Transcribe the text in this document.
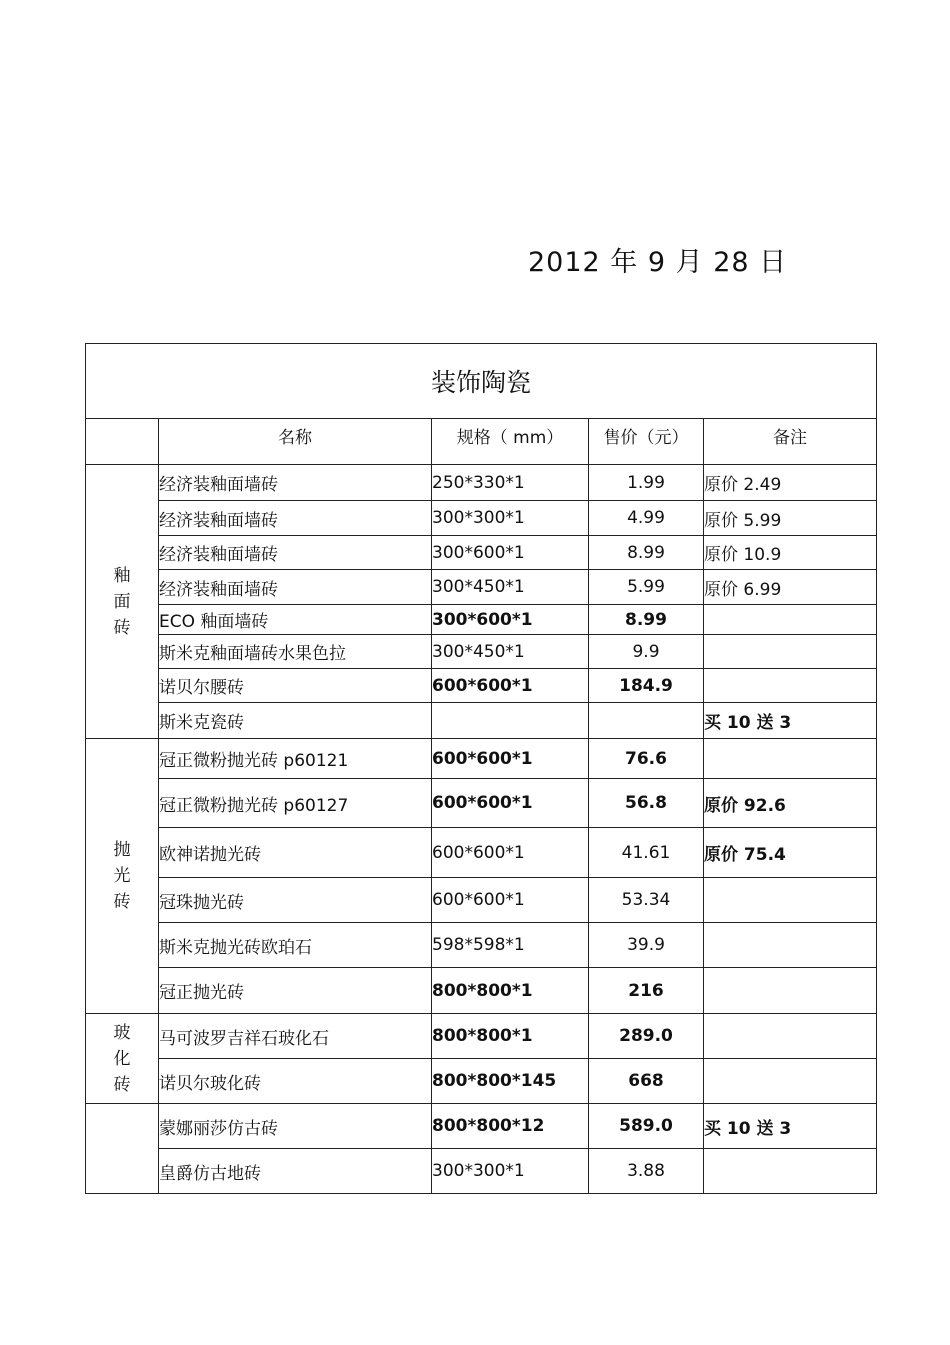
2012 年 9 月 28 日
装饰陶瓷				
	名称	规格（ mm）	售价（元）	备注

釉
面
砖	经济装釉面墙砖	250*330*1	1.99	原价 2.49
	经济装釉面墙砖	300*300*1	4.99	原价 5.99
	经济装釉面墙砖	300*600*1	8.99	原价 10.9
	经济装釉面墙砖	300*450*1	5.99	原价 6.99
	ECO 釉面墙砖	300*600*1	8.99	
	斯米克釉面墙砖水果色拉	300*450*1	9.9	
	诺贝尔腰砖	600*600*1	184.9	
	斯米克瓷砖			买 10 送 3

抛
光
砖	冠正微粉抛光砖 p60121	600*600*1	76.6	
	冠正微粉抛光砖 p60127	600*600*1	56.8	原价 92.6
	欧神诺抛光砖	600*600*1	41.61	原价 75.4
	冠珠抛光砖	600*600*1	53.34	
	斯米克抛光砖欧珀石	598*598*1	39.9	
	冠正抛光砖	800*800*1	216	

玻
化
砖	马可波罗吉祥石玻化石	800*800*1	289.0	
	诺贝尔玻化砖	800*800*145	668	
	蒙娜丽莎仿古砖	800*800*12	589.0	买 10 送 3
	皇爵仿古地砖	300*300*1	3.88	
